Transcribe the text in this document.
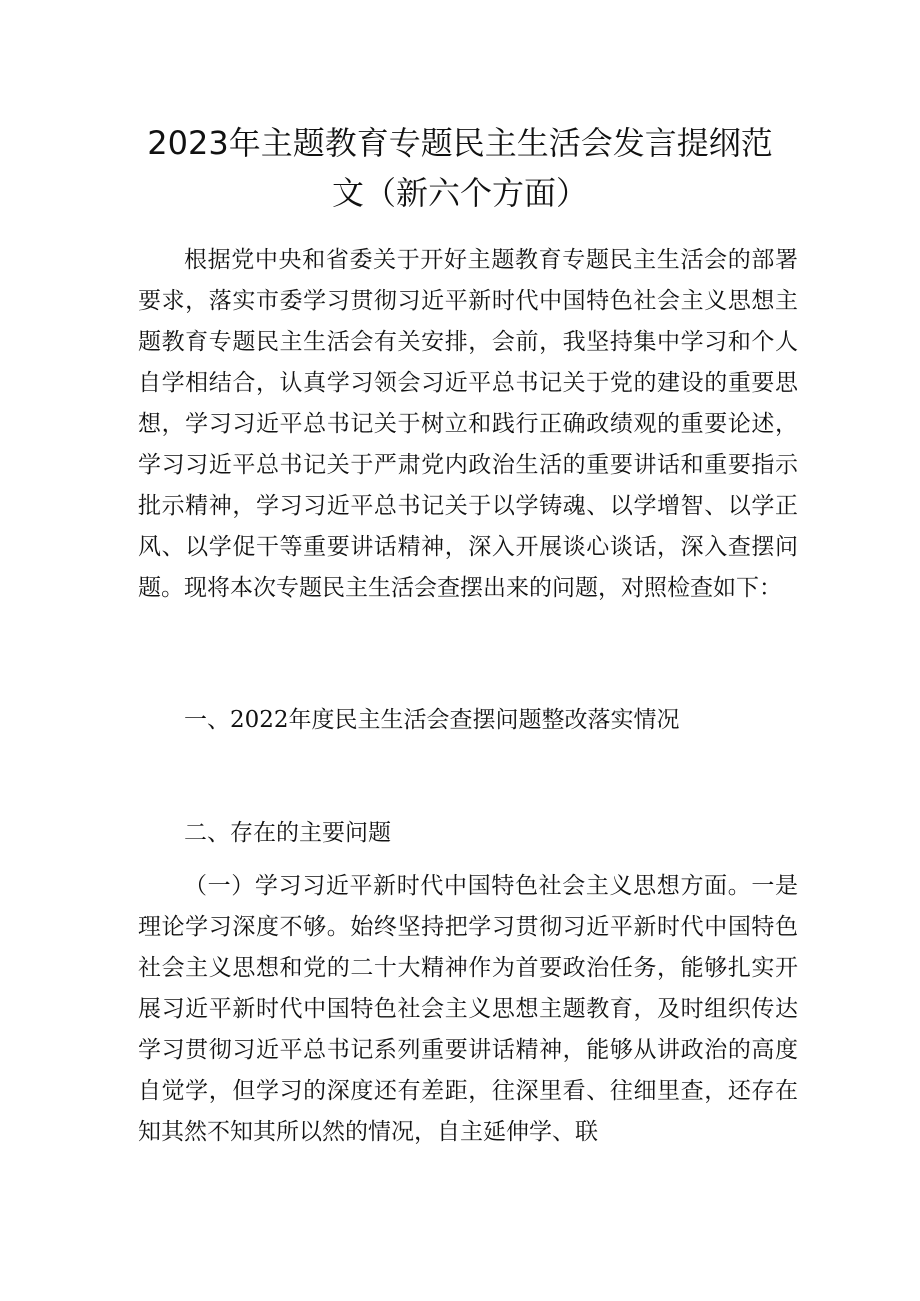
2023年主题教育专题民主生活会发言提纲范
文（新六个方面）

根据党中央和省委关于开好主题教育专题民主生活会的部署要求，落实市委学习贯彻习近平新时代中国特色社会主义思想主题教育专题民主生活会有关安排，会前，我坚持集中学习和个人自学相结合，认真学习领会习近平总书记关于党的建设的重要思想，学习习近平总书记关于树立和践行正确政绩观的重要论述，学习习近平总书记关于严肃党内政治生活的重要讲话和重要指示批示精神，学习习近平总书记关于以学铸魂、以学增智、以学正风、以学促干等重要讲话精神，深入开展谈心谈话，深入查摆问题。现将本次专题民主生活会查摆出来的问题，对照检查如下：

一、2022年度民主生活会查摆问题整改落实情况

二、存在的主要问题

（一）学习习近平新时代中国特色社会主义思想方面。一是理论学习深度不够。始终坚持把学习贯彻习近平新时代中国特色社会主义思想和党的二十大精神作为首要政治任务，能够扎实开展习近平新时代中国特色社会主义思想主题教育，及时组织传达学习贯彻习近平总书记系列重要讲话精神，能够从讲政治的高度自觉学，但学习的深度还有差距，往深里看、往细里查，还存在知其然不知其所以然的情况，自主延伸学、联
